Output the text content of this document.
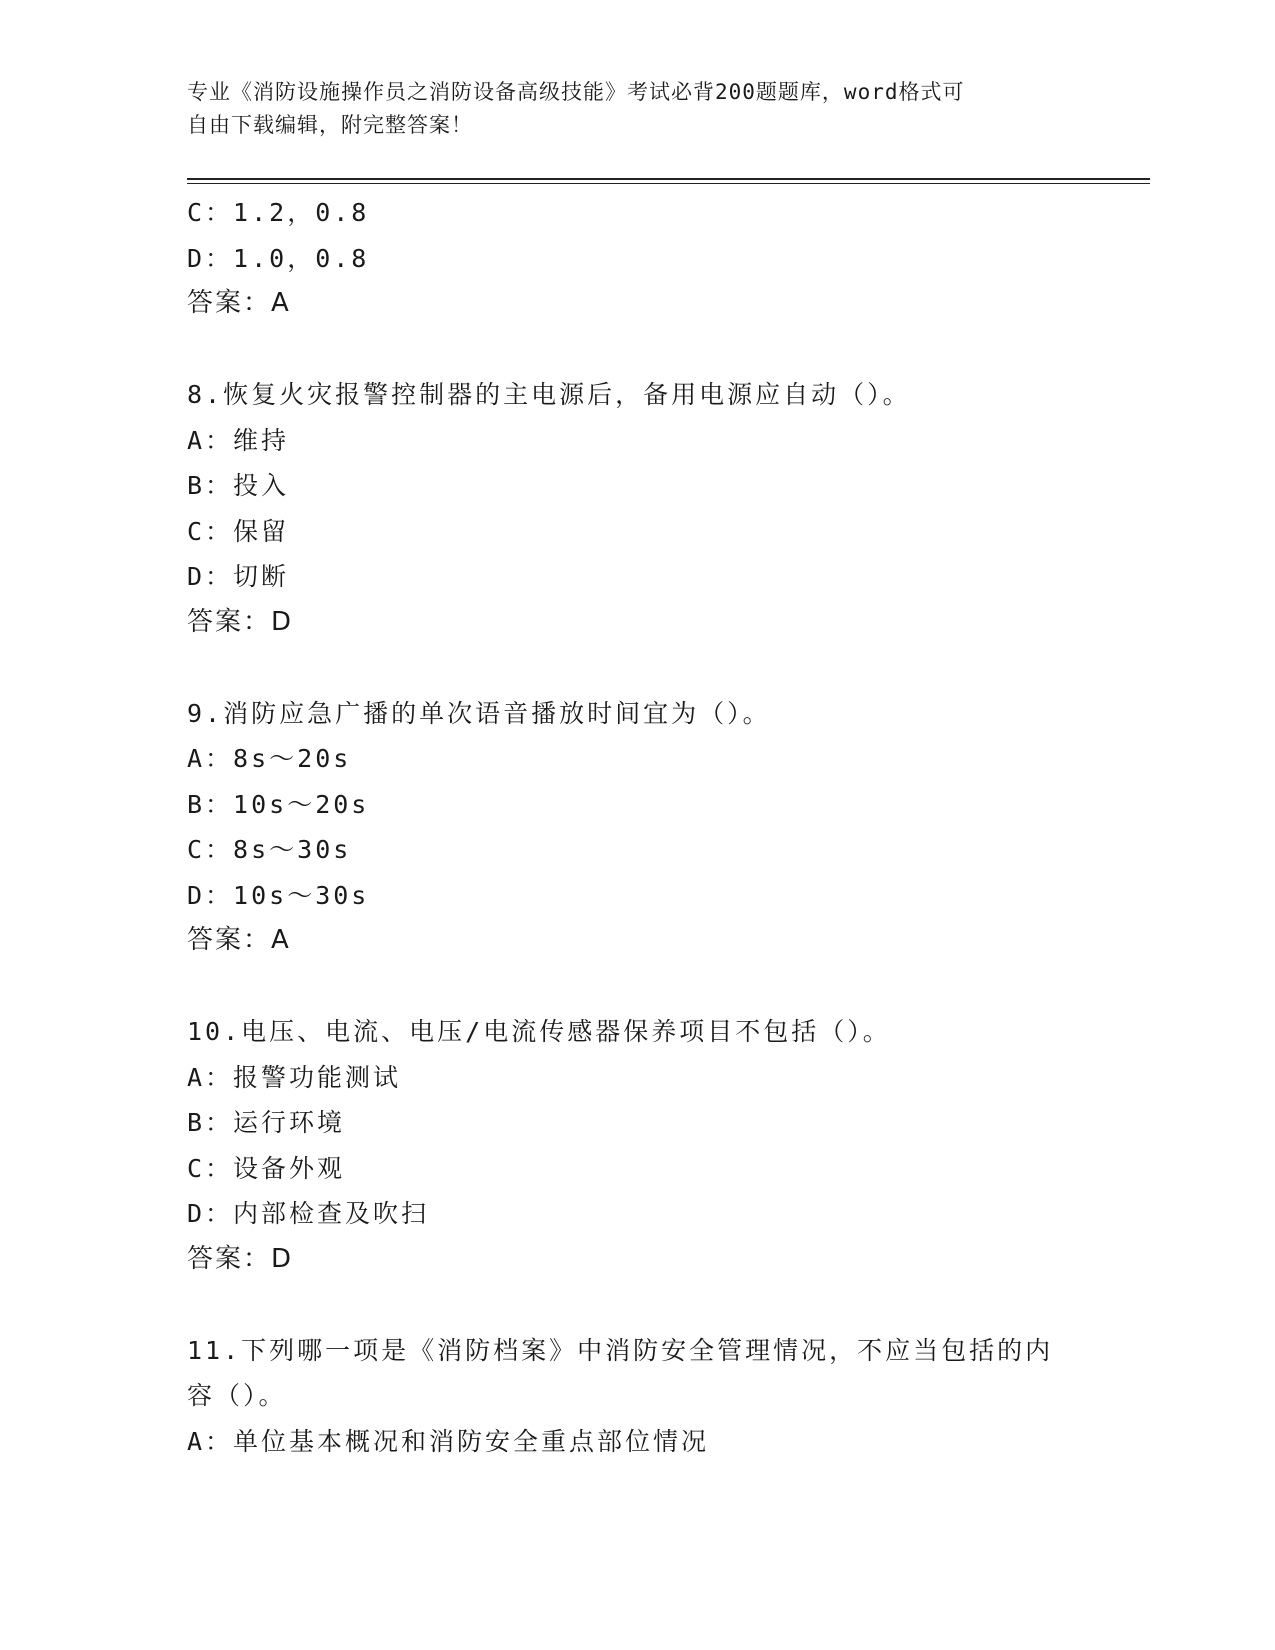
专业《消防设施操作员之消防设备高级技能》考试必背200题题库，word格式可
自由下载编辑，附完整答案！
C：1.2，0.8
D：1.0，0.8
答案：A
8.恢复火灾报警控制器的主电源后，备用电源应自动（）。
A：维持
B：投入
C：保留
D：切断
答案：D
9.消防应急广播的单次语音播放时间宜为（）。
A：8s～20s
B：10s～20s
C：8s～30s
D：10s～30s
答案：A
10.电压、电流、电压/电流传感器保养项目不包括（）。
A：报警功能测试
B：运行环境
C：设备外观
D：内部检查及吹扫
答案：D
11.下列哪一项是《消防档案》中消防安全管理情况，不应当包括的内
容（）。
A：单位基本概况和消防安全重点部位情况
